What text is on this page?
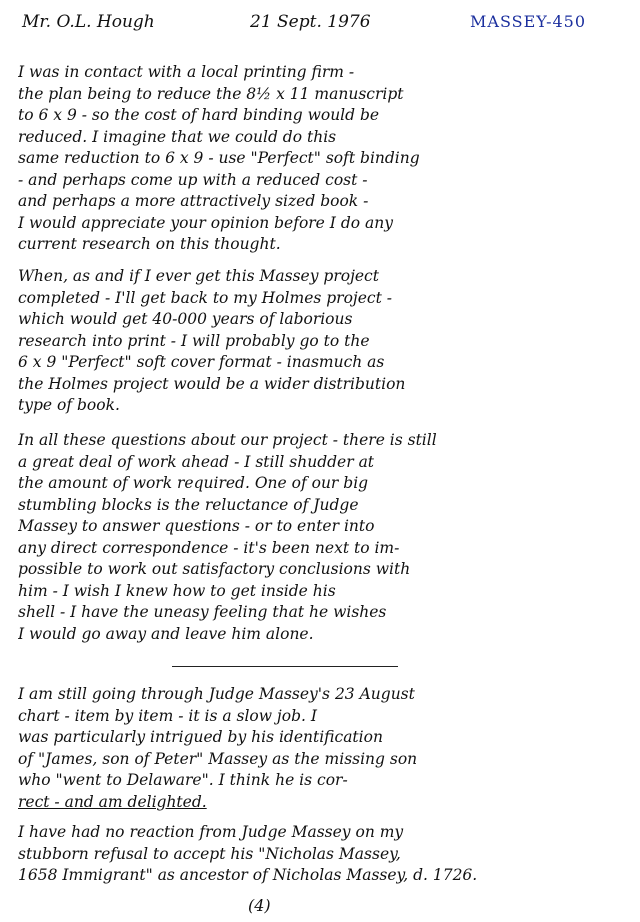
Mr. O.L. Hough	21 Sept. 1976	MASSEY-450
I was in contact with a local printing firm -
the plan being to reduce the 8½ x 11 manuscript
to 6 x 9 - so the cost of hard binding would be
reduced. I imagine that we could do this
same reduction to 6 x 9 - use "Perfect" soft binding
- and perhaps come up with a reduced cost -
and perhaps a more attractively sized book -
I would appreciate your opinion before I do any
current research on this thought.
When, as and if I ever get this Massey project
completed - I'll get back to my Holmes project -
which would get 40-000 years of laborious
research into print - I will probably go to the
6 x 9 "Perfect" soft cover format - inasmuch as
the Holmes project would be a wider distribution
type of book.
In all these questions about our project - there is still
a great deal of work ahead - I still shudder at
the amount of work required. One of our big
stumbling blocks is the reluctance of Judge
Massey to answer questions - or to enter into
any direct correspondence - it's been next to im-
possible to work out satisfactory conclusions with
him - I wish I knew how to get inside his
shell - I have the uneasy feeling that he wishes
I would go away and leave him alone.
I am still going through Judge Massey's 23 August
chart - item by item - it is a slow job. I
was particularly intrigued by his identification
of "James, son of Peter" Massey as the missing son
who "went to Delaware". I think he is cor-
rect - and am delighted.
I have had no reaction from Judge Massey on my
stubborn refusal to accept his "Nicholas Massey,
1658 Immigrant" as ancestor of Nicholas Massey, d. 1726.
(4)
